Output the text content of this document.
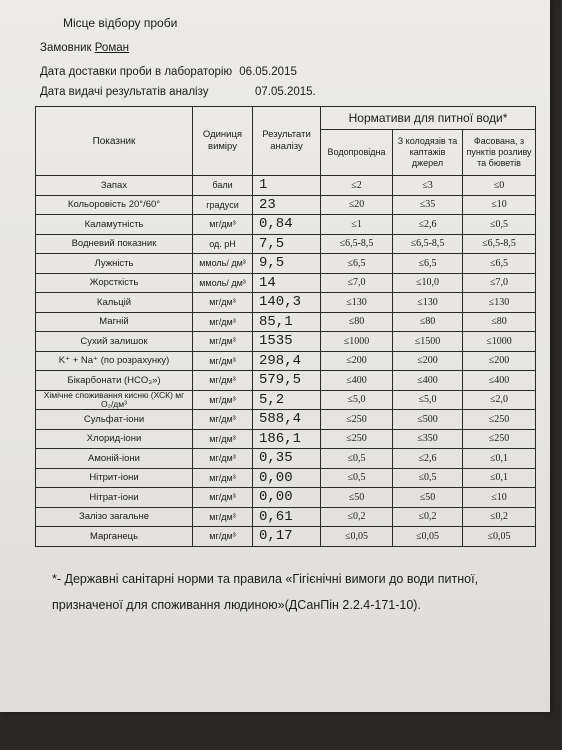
Місце відбору проби
Замовник Роман
Дата доставки проби в лабораторію 06.05.2015
Дата видачі результатів аналізу	07.05.2015.
Показник	Одиниця виміру	Результати аналізу	Нормативи для питної води*		
			Водопровідна	З колодязів та каптажів джерел	Фасована, з пунктів розливу та бюветів
Запах	бали	1	≤2	≤3	≤0
Кольоровість 20°/60°	градуси	23	≤20	≤35	≤10
Каламутність	мг/дм³	0,84	≤1	≤2,6	≤0,5
Водневий показник	од. pH	7,5	≤6,5-8,5	≤6,5-8,5	≤6,5-8,5
Лужність	ммоль/ дм³	9,5	≤6,5	≤6,5	≤6,5
Жорсткість	ммоль/ дм³	14	≤7,0	≤10,0	≤7,0
Кальцій	мг/дм³	140,3	≤130	≤130	≤130
Магній	мг/дм³	85,1	≤80	≤80	≤80
Сухий залишок	мг/дм³	1535	≤1000	≤1500	≤1000
K⁺ + Na⁺ (по розрахунку)	мг/дм³	298,4	≤200	≤200	≤200
Бікарбонати (HCO₃»)	мг/дм³	579,5	≤400	≤400	≤400
Хімічне споживання кисню (ХСК) мг О₂/дм³	мг/дм³	5,2	≤5,0	≤5,0	≤2,0
Сульфат-іони	мг/дм³	588,4	≤250	≤500	≤250
Хлорид-іони	мг/дм³	186,1	≤250	≤350	≤250
Амоній-іони	мг/дм³	0,35	≤0,5	≤2,6	≤0,1
Нітрит-іони	мг/дм³	0,00	≤0,5	≤0,5	≤0,1
Нітрат-іони	мг/дм³	0,00	≤50	≤50	≤10
Залізо загальне	мг/дм³	0,61	≤0,2	≤0,2	≤0,2
Марганець	мг/дм³	0,17	≤0,05	≤0,05	≤0,05
*- Державні санітарні норми та правила «Гігієнічні вимоги до води питної,
призначеної для споживання людиною»(ДСанПін 2.2.4-171-10).
